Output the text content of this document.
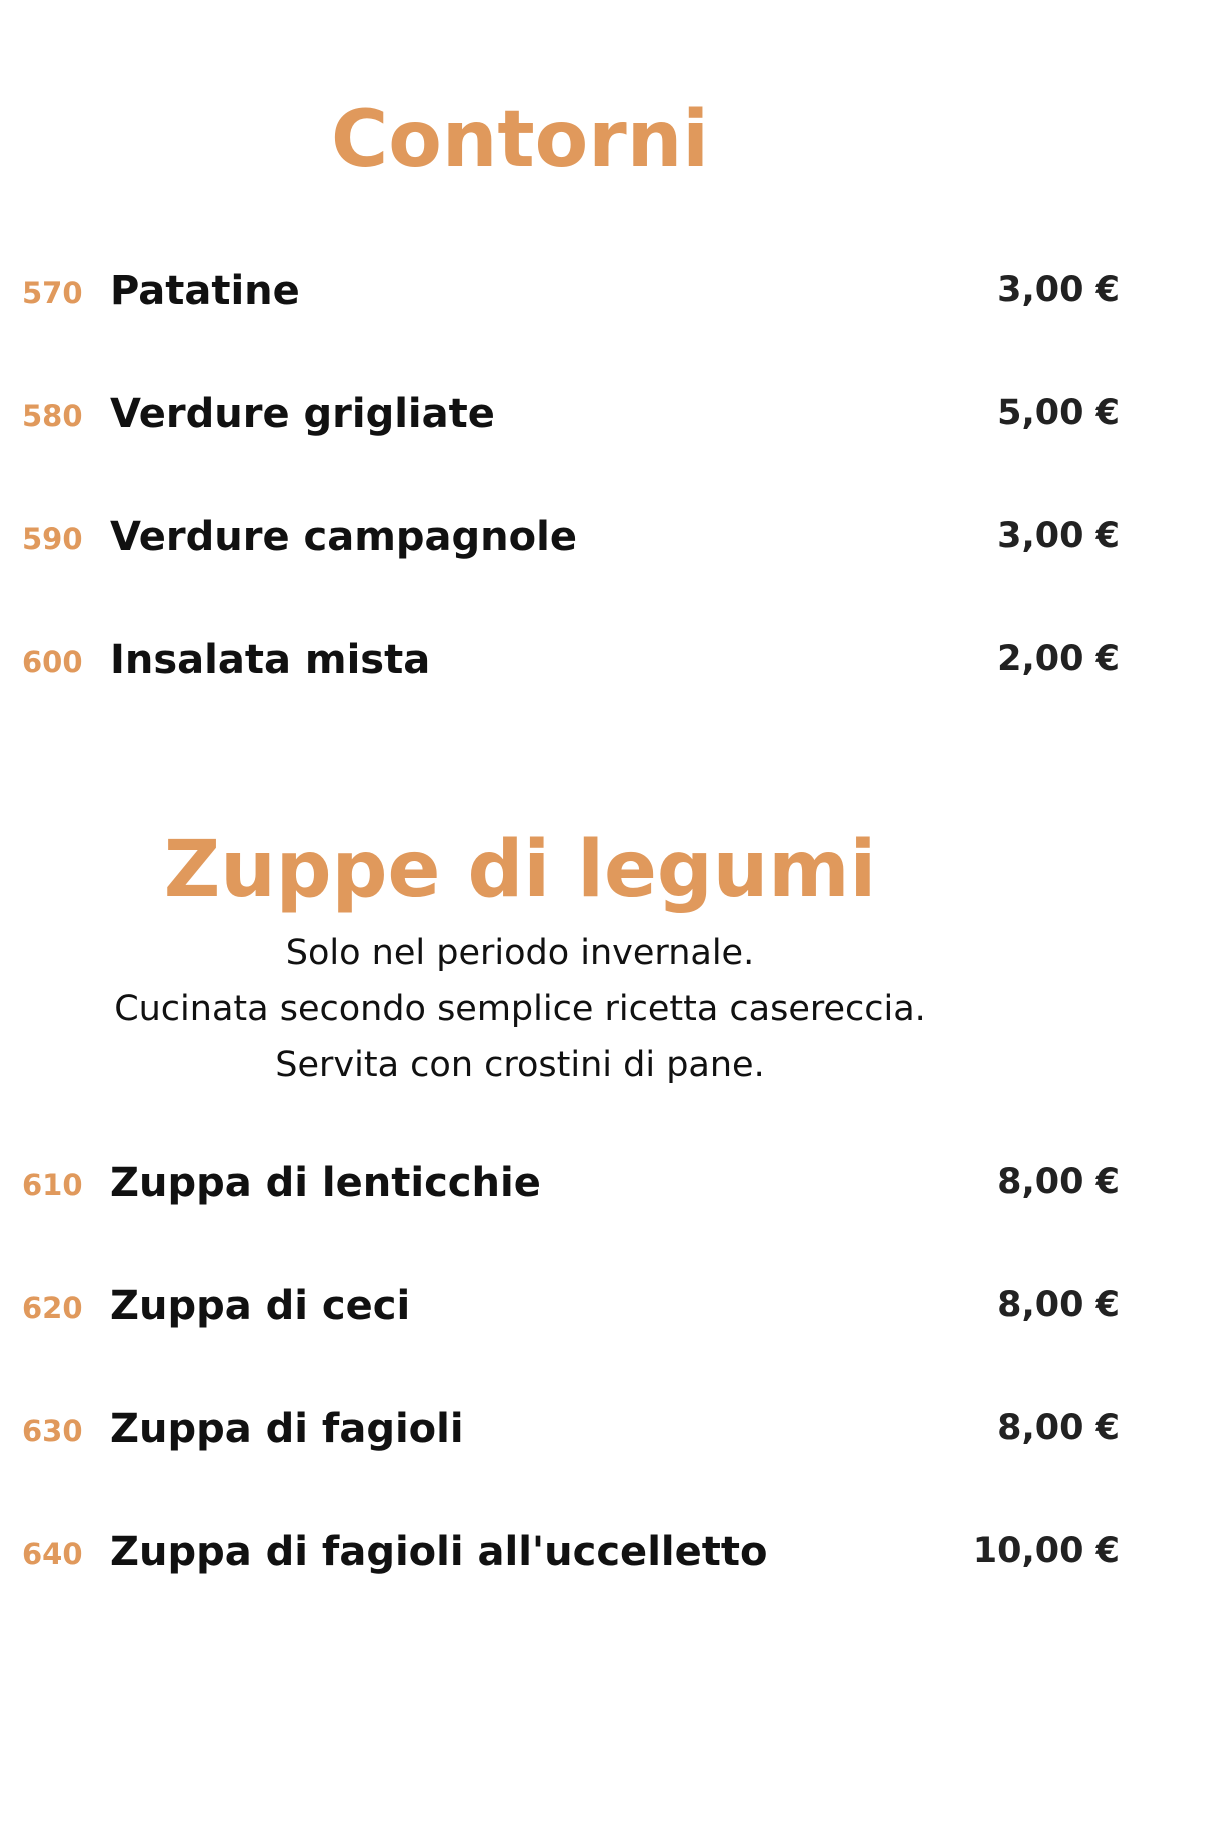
Contorni
570 Patatine	3,00 €
580 Verdure grigliate	5,00 €
590 Verdure campagnole	3,00 €
600 Insalata mista	2,00 €
Zuppe di legumi
Solo nel periodo invernale.
Cucinata secondo semplice ricetta casereccia.
Servita con crostini di pane.
610 Zuppa di lenticchie	8,00 €
620 Zuppa di ceci	8,00 €
630 Zuppa di fagioli	8,00 €
640 Zuppa di fagioli all'uccelletto	10,00 €
